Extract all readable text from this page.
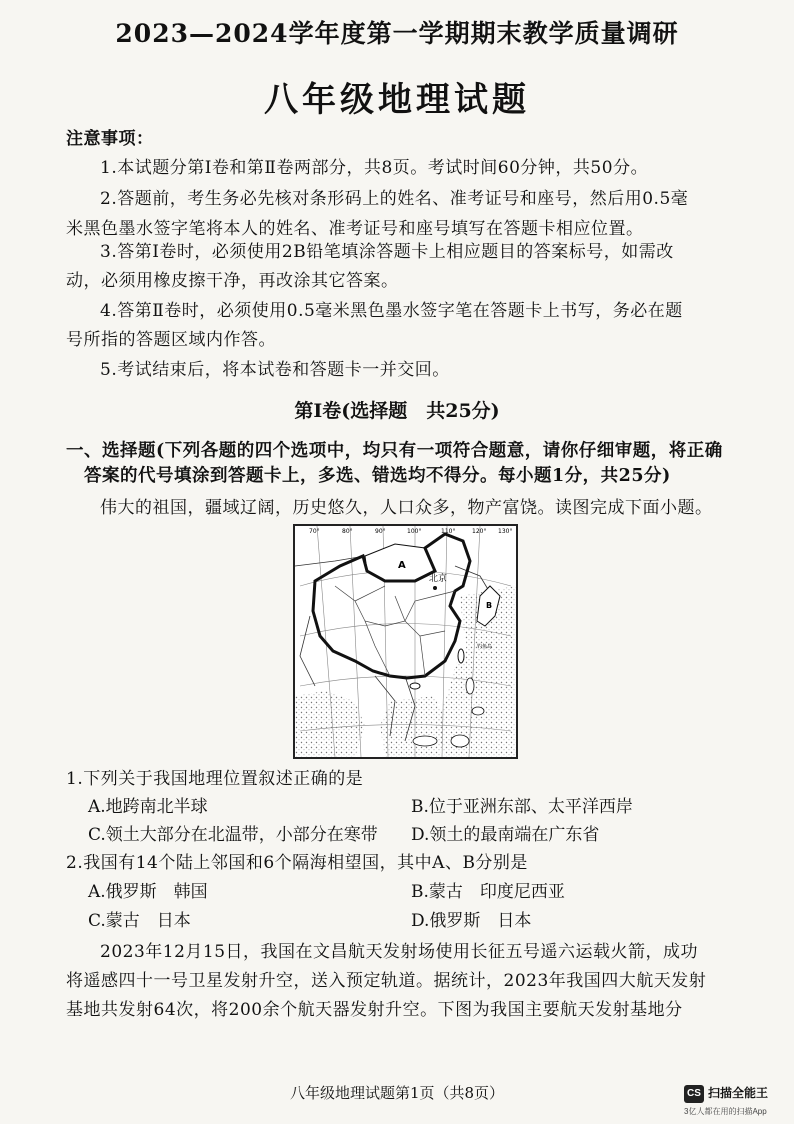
2023—2024学年度第一学期期末教学质量调研
八年级地理试题
注意事项：
1.本试题分第Ⅰ卷和第Ⅱ卷两部分，共8页。考试时间60分钟，共50分。
2.答题前，考生务必先核对条形码上的姓名、准考证号和座号，然后用0.5毫
米黑色墨水签字笔将本人的姓名、准考证号和座号填写在答题卡相应位置。
3.答第Ⅰ卷时，必须使用2B铅笔填涂答题卡上相应题目的答案标号，如需改
动，必须用橡皮擦干净，再改涂其它答案。
4.答第Ⅱ卷时，必须使用0.5毫米黑色墨水签字笔在答题卡上书写，务必在题
号所指的答题区域内作答。
5.考试结束后，将本试卷和答题卡一并交回。
第Ⅰ卷(选择题　共25分)
一、选择题(下列各题的四个选项中，均只有一项符合题意，请你仔细审题，将正确
答案的代号填涂到答题卡上，多选、错选均不得分。每小题1分，共25分)
伟大的祖国，疆域辽阔，历史悠久，人口众多，物产富饶。读图完成下面小题。
A
B
北京
钓鱼岛
70°	80°	90°	100°	110°	120° 130°
1.下列关于我国地理位置叙述正确的是
A.地跨南北半球	B.位于亚洲东部、太平洋西岸
C.领土大部分在北温带，小部分在寒带 D.领土的最南端在广东省
2.我国有14个陆上邻国和6个隔海相望国，其中A、B分别是
A.俄罗斯　韩国	B.蒙古　印度尼西亚
C.蒙古　日本	D.俄罗斯　日本
2023年12月15日，我国在文昌航天发射场使用长征五号遥六运载火箭，成功
将遥感四十一号卫星发射升空，送入预定轨道。据统计，2023年我国四大航天发射
基地共发射64次，将200余个航天器发射升空。下图为我国主要航天发射基地分
八年级地理试题第1页（共8页）	CS 扫描全能王
3亿人都在用的扫描App
